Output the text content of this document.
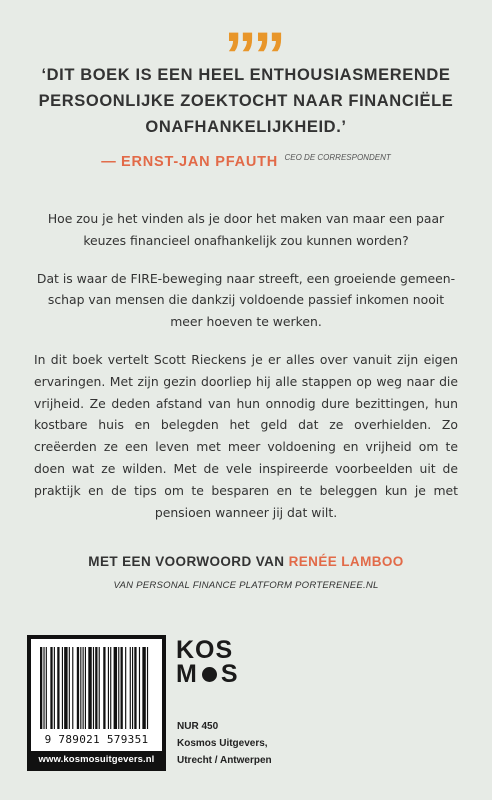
””
‘DIT BOEK IS EEN HEEL ENTHOUSIASMERENDE
PERSOONLIJKE ZOEKTOCHT NAAR FINANCIËLE
ONAFHANKELIJKHEID.’
— ERNST-JAN PFAUTH $^{CEO DE CORRESPONDENT}$

Hoe zou je het vinden als je door het maken van maar een paar keuzes financieel onafhankelijk zou kunnen worden?

Dat is waar de FIRE-beweging naar streeft, een groeiende gemeen-schap van mensen die dankzij voldoende passief inkomen nooit meer hoeven te werken.

In dit boek vertelt Scott Rieckens je er alles over vanuit zijn eigen ervaringen. Met zijn gezin doorliep hij alle stappen op weg naar die vrijheid. Ze deden afstand van hun onnodig dure bezittingen, hun kostbare huis en belegden het geld dat ze overhielden. Zo creëerden ze een leven met meer voldoening en vrijheid om te doen wat ze wilden. Met de vele inspireerde voorbeelden uit de praktijk en de tips om te besparen en te beleggen kun je met pensioen wanneer jij dat wilt.

MET EEN VOORWOORD VAN RENÉE LAMBOO
VAN PERSONAL FINANCE PLATFORM PORTERENEE.NL
9 789021 579351
www.kosmosuitgevers.nl
KOS
M S
NUR 450
Kosmos Uitgevers,
Utrecht / Antwerpen
